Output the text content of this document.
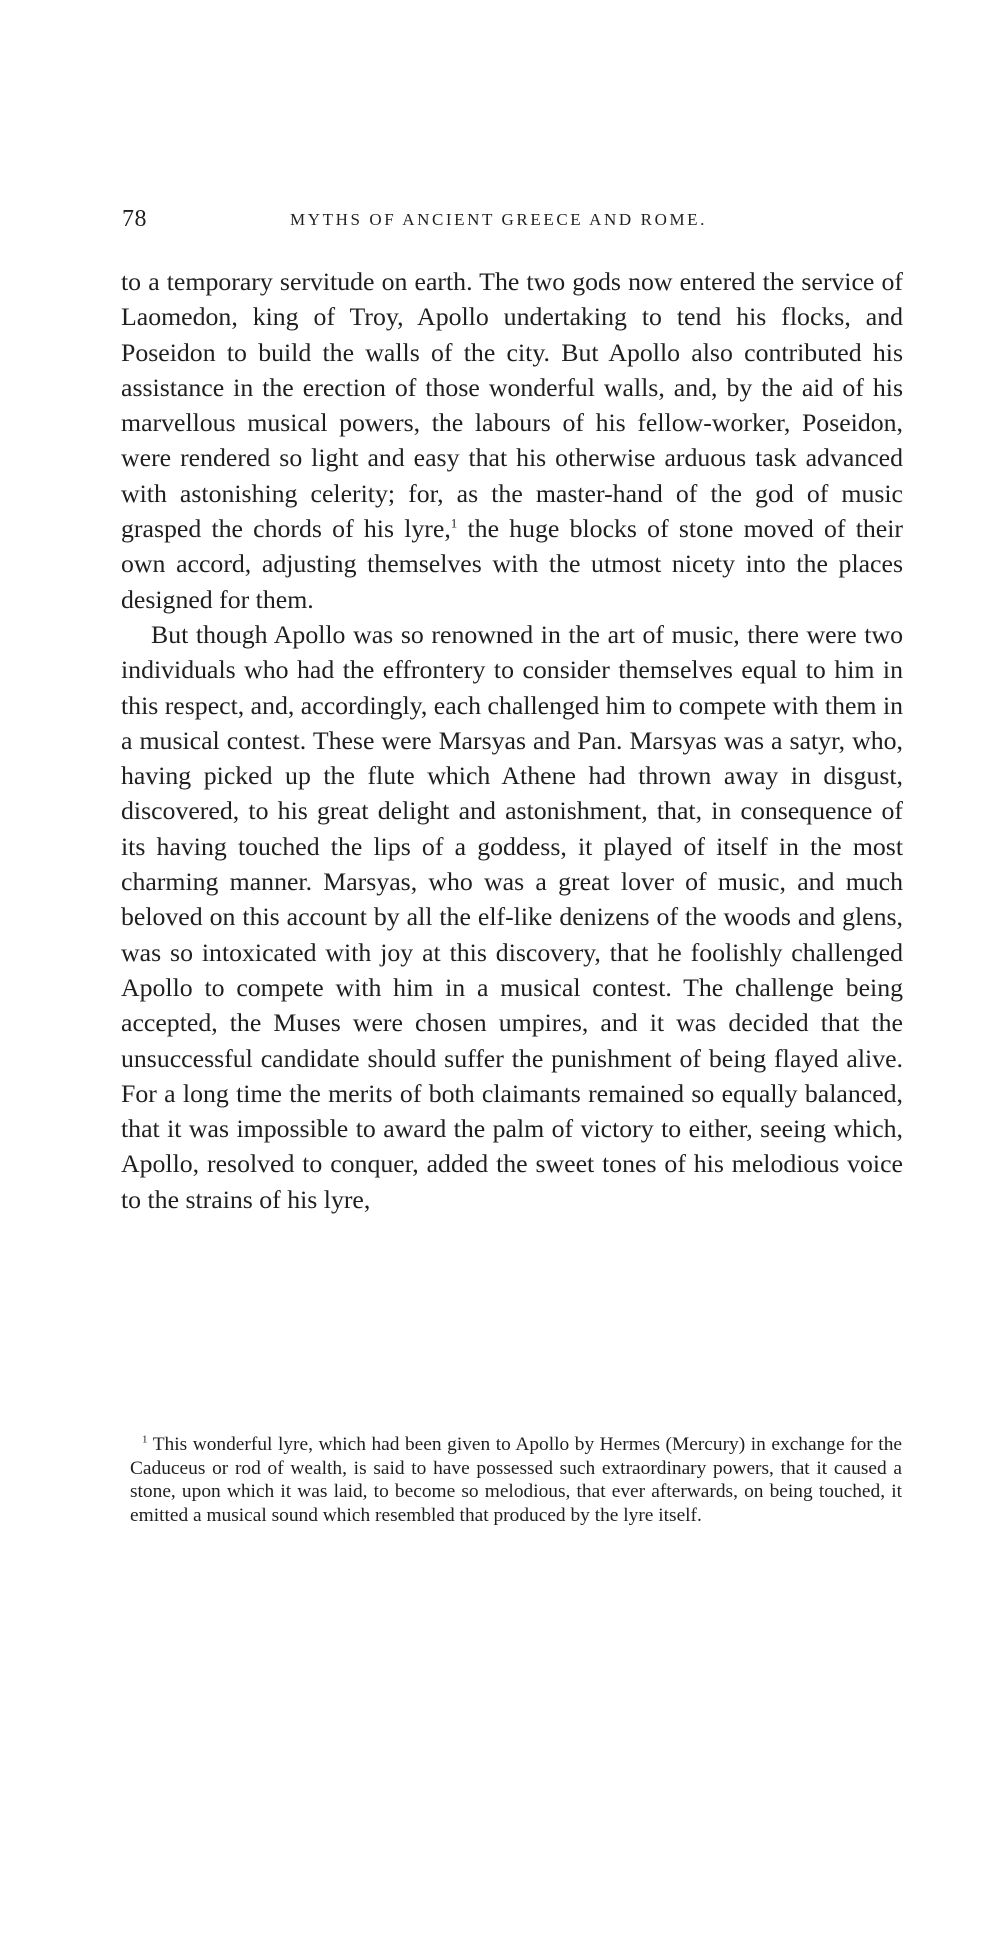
78	MYTHS OF ANCIENT GREECE AND ROME.

to a temporary servitude on earth. The two gods now entered the service of Laomedon, king of Troy, Apollo undertaking to tend his flocks, and Poseidon to build the walls of the city. But Apollo also contributed his assistance in the erection of those wonderful walls, and, by the aid of his marvellous musical powers, the labours of his fellow-worker, Poseidon, were rendered so light and easy that his otherwise arduous task advanced with astonishing celerity; for, as the master-hand of the god of music grasped the chords of his lyre,$^1$ the huge blocks of stone moved of their own accord, adjusting themselves with the utmost nicety into the places designed for them.

But though Apollo was so renowned in the art of music, there were two individuals who had the effrontery to consider themselves equal to him in this respect, and, accordingly, each challenged him to compete with them in a musical contest. These were Marsyas and Pan. Marsyas was a satyr, who, having picked up the flute which Athene had thrown away in disgust, discovered, to his great delight and astonishment, that, in consequence of its having touched the lips of a goddess, it played of itself in the most charming manner. Marsyas, who was a great lover of music, and much beloved on this account by all the elf-like denizens of the woods and glens, was so intoxicated with joy at this discovery, that he foolishly challenged Apollo to compete with him in a musical contest. The challenge being accepted, the Muses were chosen umpires, and it was decided that the unsuccessful candidate should suffer the punishment of being flayed alive. For a long time the merits of both claimants remained so equally balanced, that it was impossible to award the palm of victory to either, seeing which, Apollo, resolved to conquer, added the sweet tones of his melodious voice to the strains of his lyre,

$^1$ This wonderful lyre, which had been given to Apollo by Hermes (Mercury) in exchange for the Caduceus or rod of wealth, is said to have possessed such extraordinary powers, that it caused a stone, upon which it was laid, to become so melodious, that ever afterwards, on being touched, it emitted a musical sound which resembled that produced by the lyre itself.
